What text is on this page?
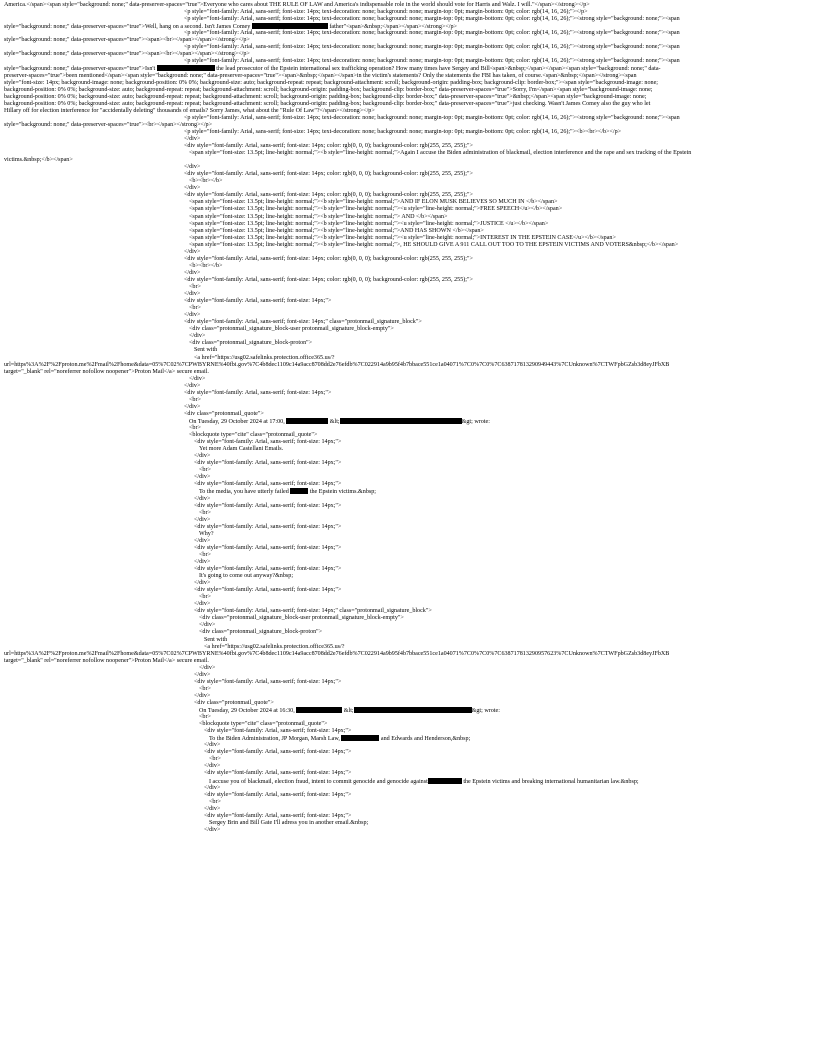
America.</span><span style="background: none;" data-preserver-spaces="true">Everyone who cares about THE RULE OF LAW and America's indispensable role in the world should vote for Harris and Walz. I will."</span></strong></p>
<p style="font-family: Arial, sans-serif; font-size: 14px; text-decoration: none; background: none; margin-top: 0pt; margin-bottom: 0pt; color: rgb(14, 16, 26);"></p>
<p style="font-family: Arial, sans-serif; font-size: 14px; text-decoration: none; background: none; margin-top: 0pt; margin-bottom: 0pt; color: rgb(14, 16, 26);"><strong style="background: none;"><span
style="background: none;" data-preserver-spaces="true">Well, hang on a second. Isn't James Comey	father"<span>&nbsp;</span></span></strong></p>
<p style="font-family: Arial, sans-serif; font-size: 14px; text-decoration: none; background: none; margin-top: 0pt; margin-bottom: 0pt; color: rgb(14, 16, 26);"><strong style="background: none;"><span
style="background: none;" data-preserver-spaces="true"><span><br></span></span></strong></p>
<p style="font-family: Arial, sans-serif; font-size: 14px; text-decoration: none; background: none; margin-top: 0pt; margin-bottom: 0pt; color: rgb(14, 16, 26);"><strong style="background: none;"><span
style="background: none;" data-preserver-spaces="true"><span><br></span></span></strong></p>
<p style="font-family: Arial, sans-serif; font-size: 14px; text-decoration: none; background: none; margin-top: 0pt; margin-bottom: 0pt; color: rgb(14, 16, 26);"><strong style="background: none;"><span
style="background: none;" data-preserver-spaces="true">Isn't	the lead prosecutor of the Epstein international sex trafficking operation? How many times have Sergey and Bill<span>&nbsp;</span></span><span style="background: none;" data-
preserver-spaces="true">been mentioned</span><span style="background: none;" data-preserver-spaces="true"><span>&nbsp;</span></span>in the victim's statements? Only the statements the FBI has taken, of course.<span>&nbsp;</span></strong><span
style="font-size: 14px; background-image: none; background-position: 0% 0%; background-size: auto; background-repeat: repeat; background-attachment: scroll; background-origin: padding-box; background-clip: border-box;"><span style="background-image: none;
background-position: 0% 0%; background-size: auto; background-repeat: repeat; background-attachment: scroll; background-origin: padding-box; background-clip: border-box;" data-preserver-spaces="true">Sorry, I'm</span><span style="background-image: none;
background-position: 0% 0%; background-size: auto; background-repeat: repeat; background-attachment: scroll; background-origin: padding-box; background-clip: border-box;" data-preserver-spaces="true">&nbsp;</span><span style="background-image: none;
background-position: 0% 0%; background-size: auto; background-repeat: repeat; background-attachment: scroll; background-origin: padding-box; background-clip: border-box;" data-preserver-spaces="true">just checking. Wasn't James Comey also the guy who let
Hillary off for election interference for "accidentally deleting" thousands of emails? Sorry James, what about the "Rule Of Law"?</span></strong></p>
<p style="font-family: Arial, sans-serif; font-size: 14px; text-decoration: none; background: none; margin-top: 0pt; margin-bottom: 0pt; color: rgb(14, 16, 26);"><strong style="background: none;"><span
style="background: none;" data-preserver-spaces="true"><br></span></strong></p>
<p style="font-family: Arial, sans-serif; font-size: 14px; text-decoration: none; background: none; margin-top: 0pt; margin-bottom: 0pt; color: rgb(14, 16, 26);"><b><br></b></p>
</div>
<div style="font-family: Arial, sans-serif; font-size: 14px; color: rgb(0, 0, 0); background-color: rgb(255, 255, 255);">
<span style="font-size: 13.5pt; line-height: normal;"><b style="line-height: normal;">Again I accuse the Biden administration of blackmail, election interference and the rape and sex tracking of the Epstein
victims.&nbsp;</b></span>
</div>
<div style="font-family: Arial, sans-serif; font-size: 14px; color: rgb(0, 0, 0); background-color: rgb(255, 255, 255);">
<b><br></b>
</div>
<div style="font-family: Arial, sans-serif; font-size: 14px; color: rgb(0, 0, 0); background-color: rgb(255, 255, 255);">
<span style="font-size: 13.5pt; line-height: normal;"><b style="line-height: normal;">AND IF ELON MUSK BELIEVES SO MUCH IN </b></span>
<span style="font-size: 13.5pt; line-height: normal;"><b style="line-height: normal;"><u style="line-height: normal;">FREE SPEECH</u></b></span>
<span style="font-size: 13.5pt; line-height: normal;"><b style="line-height: normal;"> AND </b></span>
<span style="font-size: 13.5pt; line-height: normal;"><b style="line-height: normal;"><u style="line-height: normal;">JUSTICE </u></b></span>
<span style="font-size: 13.5pt; line-height: normal;"><b style="line-height: normal;">AND HAS SHOWN </b></span>
<span style="font-size: 13.5pt; line-height: normal;"><b style="line-height: normal;"><u style="line-height: normal;">INTEREST IN THE EPSTEIN CASE</u></b></span>
<span style="font-size: 13.5pt; line-height: normal;"><b style="line-height: normal;">, HE SHOULD GIVE A 911 CALL OUT TOO TO THE EPSTEIN VICTIMS AND VOTERS&nbsp;</b></span>
</div>
<div style="font-family: Arial, sans-serif; font-size: 14px; color: rgb(0, 0, 0); background-color: rgb(255, 255, 255);">
<b><br></b>
</div>
<div style="font-family: Arial, sans-serif; font-size: 14px; color: rgb(0, 0, 0); background-color: rgb(255, 255, 255);">
<br>
</div>
<div style="font-family: Arial, sans-serif; font-size: 14px;">
<br>
</div>
<div style="font-family: Arial, sans-serif; font-size: 14px;" class="protonmail_signature_block">
<div class="protonmail_signature_block-user protonmail_signature_block-empty">
</div>
<div class="protonmail_signature_block-proton">
Sent with
<a href="https://usg02.safelinks.protection.office365.us/?
url=https%3A%2F%2Fproton.me%2Fmail%2Fhome&data=05%7C02%7CPWBYRNE%40fbi.gov%7C4b8dec1109c14a9acc8708dd2e76efdb%7C022914a9b95f4b7bbace551ce1a04071%7C0%7C0%7C638717813290949443%7CUnknown%7CTWFpbGZsb3d8eyJFbXB
target="_blank" rel="noreferrer nofollow noopener">Proton Mail</a> secure email.
</div>
</div>
<div style="font-family: Arial, sans-serif; font-size: 14px;">
<br>
</div>
<div class="protonmail_quote">
On Tuesday, 29 October 2024 at 17:00,	&lt;	&gt; wrote:
<br>
<blockquote type="cite" class="protonmail_quote">
<div style="font-family: Arial, sans-serif; font-size: 14px;">
Yet more Adam Castellani Emails.
</div>
<div style="font-family: Arial, sans-serif; font-size: 14px;">
<br>
</div>
<div style="font-family: Arial, sans-serif; font-size: 14px;">
To the media, you have utterly failed	the Epstein victims.&nbsp;
</div>
<div style="font-family: Arial, sans-serif; font-size: 14px;">
<br>
</div>
<div style="font-family: Arial, sans-serif; font-size: 14px;">
Why?
</div>
<div style="font-family: Arial, sans-serif; font-size: 14px;">
<br>
</div>
<div style="font-family: Arial, sans-serif; font-size: 14px;">
It's going to come out anyway?&nbsp;
</div>
<div style="font-family: Arial, sans-serif; font-size: 14px;">
<br>
</div>
<div style="font-family: Arial, sans-serif; font-size: 14px;" class="protonmail_signature_block">
<div class="protonmail_signature_block-user protonmail_signature_block-empty">
</div>
<div class="protonmail_signature_block-proton">
Sent with
<a href="https://usg02.safelinks.protection.office365.us/?
url=https%3A%2F%2Fproton.me%2Fmail%2Fhome&data=05%7C02%7CPWBYRNE%40fbi.gov%7C4b8dec1109c14a9acc8708dd2e76efdb%7C022914a9b95f4b7bbace551ce1a04071%7C0%7C0%7C638717813290957623%7CUnknown%7CTWFpbGZsb3d8eyJFbXB
target="_blank" rel="noreferrer nofollow noopener">Proton Mail</a> secure email.
</div>
</div>
<div style="font-family: Arial, sans-serif; font-size: 14px;">
<br>
</div>
<div class="protonmail_quote">
On Tuesday, 29 October 2024 at 16:30,	&lt;	&gt; wrote:
<br>
<blockquote type="cite" class="protonmail_quote">
<div style="font-family: Arial, sans-serif; font-size: 14px;">
To the Biden Administration, JP Morgan, Marsh Law,	and Edwards and Henderson,&nbsp;
</div>
<div style="font-family: Arial, sans-serif; font-size: 14px;">
<br>
</div>
<div style="font-family: Arial, sans-serif; font-size: 14px;">
I accuse you of blackmail, election fraud, intent to commit genocide and genocide against	the Epstein victims and breaking international humanitarian law.&nbsp;
</div>
<div style="font-family: Arial, sans-serif; font-size: 14px;">
<br>
</div>
<div style="font-family: Arial, sans-serif; font-size: 14px;">
Sergey Brin and Bill Gate I'll adress you in another email.&nbsp;
</div>
